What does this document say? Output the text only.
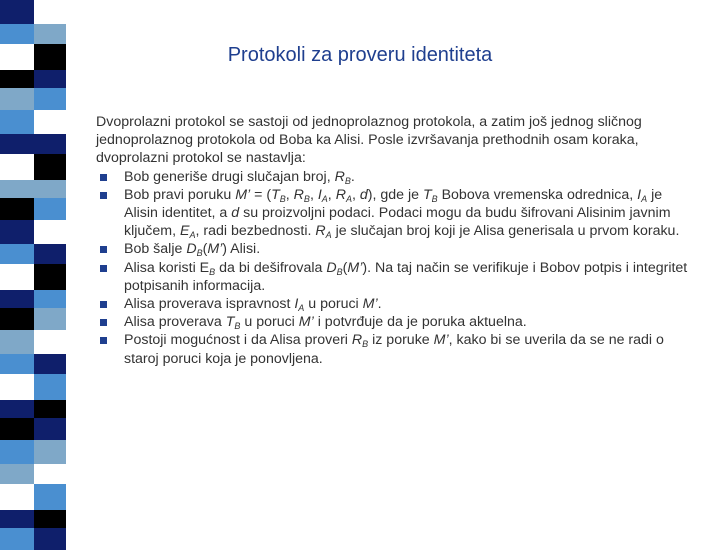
Protokoli za proveru identiteta

Dvoprolazni protokol se sastoji od jednoprolaznog protokola, a zatim još jednog sličnog jednoprolaznog protokola od Boba ka Alisi. Posle izvršavanja prethodnih osam koraka, dvoprolazni protokol se nastavlja:

Bob generiše drugi slučajan broj, $R_B$.
Bob pravi poruku M’ = ($T_B$, $R_B$, $I_A$, $R_A$, d), gde je $T_B$ Bobova vremenska odrednica, $I_A$ je Alisin identitet, a d su proizvoljni podaci. Podaci mogu da budu šifrovani Alisinim javnim ključem, $E_A$, radi bezbednosti. $R_A$ je slučajan broj koji je Alisa generisala u prvom koraku.
Bob šalje $D_B(M’)$ Alisi.
Alisa koristi $E_B$ da bi dešifrovala $D_B(M’)$. Na taj način se verifikuje i Bobov potpis i integritet potpisanih informacija.
Alisa proverava ispravnost $I_A$ u poruci M’.
Alisa proverava $T_B$ u poruci M’ i potvrđuje da je poruka aktuelna.
Postoji mogućnost i da Alisa proveri $R_B$ iz poruke M’, kako bi se uverila da se ne radi o staroj poruci koja je ponovljena.
